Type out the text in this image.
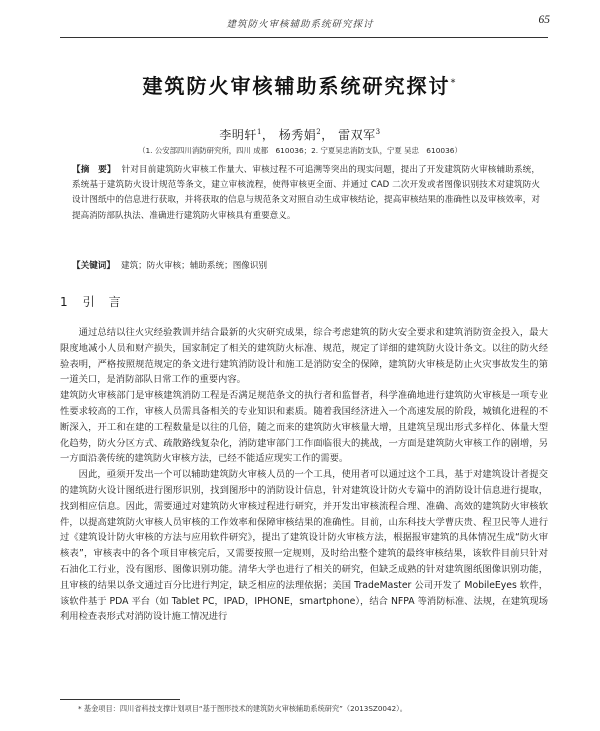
建筑防火审核辅助系统研究探讨	65
建筑防火审核辅助系统研究探讨*
李明轩$^1$， 杨秀娟$^2$， 雷双军$^3$
（1. 公安部四川消防研究所，四川 成都　610036；2. 宁夏吴忠消防支队，宁夏 吴忠　610036）
【摘　要】 针对目前建筑防火审核工作量大、审核过程不可追溯等突出的现实问题，提出了开发建筑防火审核辅助系统，系统基于建筑防火设计规范等条文，建立审核流程，使得审核更全面、并通过 CAD 二次开发或者图像识别技术对建筑防火设计图纸中的信息进行获取，并将获取的信息与规范条文对照自动生成审核结论，提高审核结果的准确性以及审核效率，对提高消防部队执法、准确进行建筑防火审核具有重要意义。
【关键词】 建筑；防火审核；辅助系统；图像识别
1 引　言

通过总结以往火灾经验教训并结合最新的火灾研究成果，综合考虑建筑的防火安全要求和建筑消防资金投入，最大限度地减小人员和财产损失，国家制定了相关的建筑防火标准、规范，规定了详细的建筑防火设计条文。以往的防火经验表明，严格按照规范规定的条文进行建筑消防设计和施工是消防安全的保障，建筑防火审核是防止火灾事故发生的第一道关口，是消防部队日常工作的重要内容。

建筑防火审核部门是审核建筑消防工程是否满足规范条文的执行者和监督者，科学准确地进行建筑防火审核是一项专业性要求较高的工作，审核人员需具备相关的专业知识和素质。随着我国经济进入一个高速发展的阶段，城镇化进程的不断深入，开工和在建的工程数量是以往的几倍，随之而来的建筑防火审核量大增，且建筑呈现出形式多样化、体量大型化趋势，防火分区方式、疏散路线复杂化，消防建审部门工作面临很大的挑战，一方面是建筑防火审核工作的剧增，另一方面沿袭传统的建筑防火审核方法，已经不能适应现实工作的需要。

因此，亟须开发出一个可以辅助建筑防火审核人员的一个工具，使用者可以通过这个工具，基于对建筑设计者提交的建筑防火设计图纸进行图形识别，找到图形中的消防设计信息，针对建筑设计防火专篇中的消防设计信息进行提取，找到相应信息。因此，需要通过对建筑防火审核过程进行研究，并开发出审核流程合理、准确、高效的建筑防火审核软件，以提高建筑防火审核人员审核的工作效率和保障审核结果的准确性。目前，山东科技大学曹庆贵、程卫民等人进行过《建筑设计防火审核的方法与应用软件研究》，提出了建筑设计防火审核方法，根据报审建筑的具体情况生成“防火审核表”，审核表中的各个项目审核完后，又需要按照一定规则，及时给出整个建筑的最终审核结果，该软件目前只针对石油化工行业，没有图形、图像识别功能。清华大学也进行了相关的研究，但缺乏成熟的针对建筑图纸图像识别功能，且审核的结果以条文通过百分比进行判定，缺乏相应的法理依据；美国 TradeMaster 公司开发了 MobileEyes 软件，该软件基于 PDA 平台（如 Tablet PC，IPAD，IPHONE，smartphone），结合 NFPA 等消防标准、法规，在建筑现场利用检查表形式对消防设计施工情况进行

* 基金项目：四川省科技支撑计划项目“基于图形技术的建筑防火审核辅助系统研究”（2013SZ0042）。
